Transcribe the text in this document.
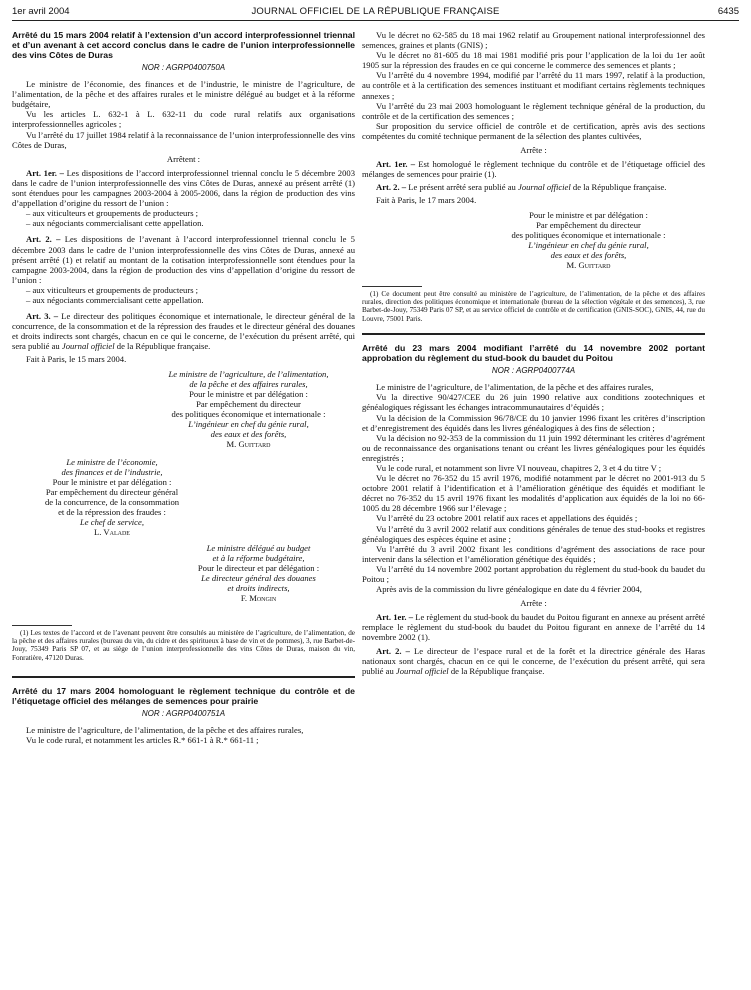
1er avril 2004	JOURNAL OFFICIEL DE LA RÉPUBLIQUE FRANÇAISE	6435
Arrêté du 15 mars 2004 relatif à l’extension d’un accord interprofessionnel triennal et d’un avenant à cet accord conclus dans le cadre de l’union interprofessionnelle des vins Côtes de Duras
NOR : AGRP0400750A

Le ministre de l’économie, des finances et de l’industrie, le ministre de l’agriculture, de l’alimentation, de la pêche et des affaires rurales et le ministre délégué au budget et à la réforme budgétaire,

Vu les articles L. 632-1 à L. 632-11 du code rural relatifs aux organisations interprofessionnelles agricoles ;

Vu l’arrêté du 17 juillet 1984 relatif à la reconnaissance de l’union interprofessionnelle des vins Côtes de Duras,

Arrêtent :

Art. 1er. – Les dispositions de l’accord interprofessionnel triennal conclu le 5 décembre 2003 dans le cadre de l’union interprofessionnelle des vins Côtes de Duras, annexé au présent arrêté (1) sont étendues pour les campagnes 2003-2004 à 2005-2006, dans la région de production des vins d’appellation d’origine du ressort de l’union :

– aux viticulteurs et groupements de producteurs ;

– aux négociants commercialisant cette appellation.

Art. 2. – Les dispositions de l’avenant à l’accord interprofessionnel triennal conclu le 5 décembre 2003 dans le cadre de l’union interprofessionnelle des vins Côtes de Duras, annexé au présent arrêté (1) et relatif au montant de la cotisation interprofessionnelle sont étendues pour la campagne 2003-2004, dans la région de production des vins d’appellation d’origine du ressort de l’union :

– aux viticulteurs et groupements de producteurs ;

– aux négociants commercialisant cette appellation.

Art. 3. – Le directeur des politiques économique et internationale, le directeur général de la concurrence, de la consommation et de la répression des fraudes et le directeur général des douanes et droits indirects sont chargés, chacun en ce qui le concerne, de l’exécution du présent arrêté, qui sera publié au Journal officiel de la République française.

Fait à Paris, le 15 mars 2004.

Le ministre de l’agriculture, de l’alimentation,
de la pêche et des affaires rurales,
Pour le ministre et par délégation :
Par empêchement du directeur
des politiques économique et internationale :
L’ingénieur en chef du génie rural,
des eaux et des forêts,
M. Guittard
Le ministre de l’économie,
des finances et de l’industrie,
Pour le ministre et par délégation :
Par empêchement du directeur général
de la concurrence, de la consommation
et de la répression des fraudes :
Le chef de service,
L. Valade
Le ministre délégué au budget
et à la réforme budgétaire,
Pour le directeur et par délégation :
Le directeur général des douanes
et droits indirects,
F. Mongin

(1) Les textes de l’accord et de l’avenant peuvent être consultés au ministère de l’agriculture, de l’alimentation, de la pêche et des affaires rurales (bureau du vin, du cidre et des spiritueux à base de vin et de pommes), 3, rue Barbet-de-Jouy, 75349 Paris SP 07, et au siège de l’union interprofessionnelle des vins Côtes de Duras, maison du vin, Fonratière, 47120 Duras.

Arrêté du 17 mars 2004 homologuant le règlement technique du contrôle et de l’étiquetage officiel des mélanges de semences pour prairie
NOR : AGRP0400751A

Le ministre de l’agriculture, de l’alimentation, de la pêche et des affaires rurales,

Vu le code rural, et notamment les articles R.* 661-1 à R.* 661-11 ;

Vu le décret no 62-585 du 18 mai 1962 relatif au Groupement national interprofessionnel des semences, graines et plants (GNIS) ;

Vu le décret no 81-605 du 18 mai 1981 modifié pris pour l’application de la loi du 1er août 1905 sur la répression des fraudes en ce qui concerne le commerce des semences et plants ;

Vu l’arrêté du 4 novembre 1994, modifié par l’arrêté du 11 mars 1997, relatif à la production, au contrôle et à la certification des semences instituant et modifiant certains règlements techniques annexes ;

Vu l’arrêté du 23 mai 2003 homologuant le règlement technique général de la production, du contrôle et de la certification des semences ;

Sur proposition du service officiel de contrôle et de certification, après avis des sections compétentes du comité technique permanent de la sélection des plantes cultivées,

Arrête :

Art. 1er. – Est homologué le règlement technique du contrôle et de l’étiquetage officiel des mélanges de semences pour prairie (1).

Art. 2. – Le présent arrêté sera publié au Journal officiel de la République française.

Fait à Paris, le 17 mars 2004.

Pour le ministre et par délégation :
Par empêchement du directeur
des politiques économique et internationale :
L’ingénieur en chef du génie rural,
des eaux et des forêts,
M. Guittard

(1) Ce document peut être consulté au ministère de l’agriculture, de l’alimentation, de la pêche et des affaires rurales, direction des politiques économique et internationale (bureau de la sélection végétale et des semences), 3, rue Barbet-de-Jouy, 75349 Paris 07 SP, et au service officiel de contrôle et de certification (GNIS-SOC), GNIS, 44, rue du Louvre, 75001 Paris.

Arrêté du 23 mars 2004 modifiant l’arrêté du 14 novembre 2002 portant approbation du règlement du stud-book du baudet du Poitou
NOR : AGRP0400774A

Le ministre de l’agriculture, de l’alimentation, de la pêche et des affaires rurales,

Vu la directive 90/427/CEE du 26 juin 1990 relative aux conditions zootechniques et généalogiques régissant les échanges intracommunautaires d’équidés ;

Vu la décision de la Commission 96/78/CE du 10 janvier 1996 fixant les critères d’inscription et d’enregistrement des équidés dans les livres généalogiques à des fins de sélection ;

Vu la décision no 92-353 de la commission du 11 juin 1992 déterminant les critères d’agrément ou de reconnaissance des organisations tenant ou créant les livres généalogiques pour les équidés enregistrés ;

Vu le code rural, et notamment son livre VI nouveau, chapitres 2, 3 et 4 du titre V ;

Vu le décret no 76-352 du 15 avril 1976, modifié notamment par le décret no 2001-913 du 5 octobre 2001 relatif à l’identification et à l’amélioration génétique des équidés et modifiant le décret no 76-352 du 15 avril 1976 fixant les modalités d’application aux équidés de la loi no 66-1005 du 28 décembre 1966 sur l’élevage ;

Vu l’arrêté du 23 octobre 2001 relatif aux races et appellations des équidés ;

Vu l’arrêté du 3 avril 2002 relatif aux conditions générales de tenue des stud-books et registres généalogiques des espèces équine et asine ;

Vu l’arrêté du 3 avril 2002 fixant les conditions d’agrément des associations de race pour intervenir dans la sélection et l’amélioration génétique des équidés ;

Vu l’arrêté du 14 novembre 2002 portant approbation du règlement du stud-book du baudet du Poitou ;

Après avis de la commission du livre généalogique en date du 4 février 2004,

Arrête :

Art. 1er. – Le règlement du stud-book du baudet du Poitou figurant en annexe au présent arrêté remplace le règlement du stud-book du baudet du Poitou figurant en annexe de l’arrêté du 14 novembre 2002 (1).

Art. 2. – Le directeur de l’espace rural et de la forêt et la directrice générale des Haras nationaux sont chargés, chacun en ce qui le concerne, de l’exécution du présent arrêté, qui sera publié au Journal officiel de la République française.
